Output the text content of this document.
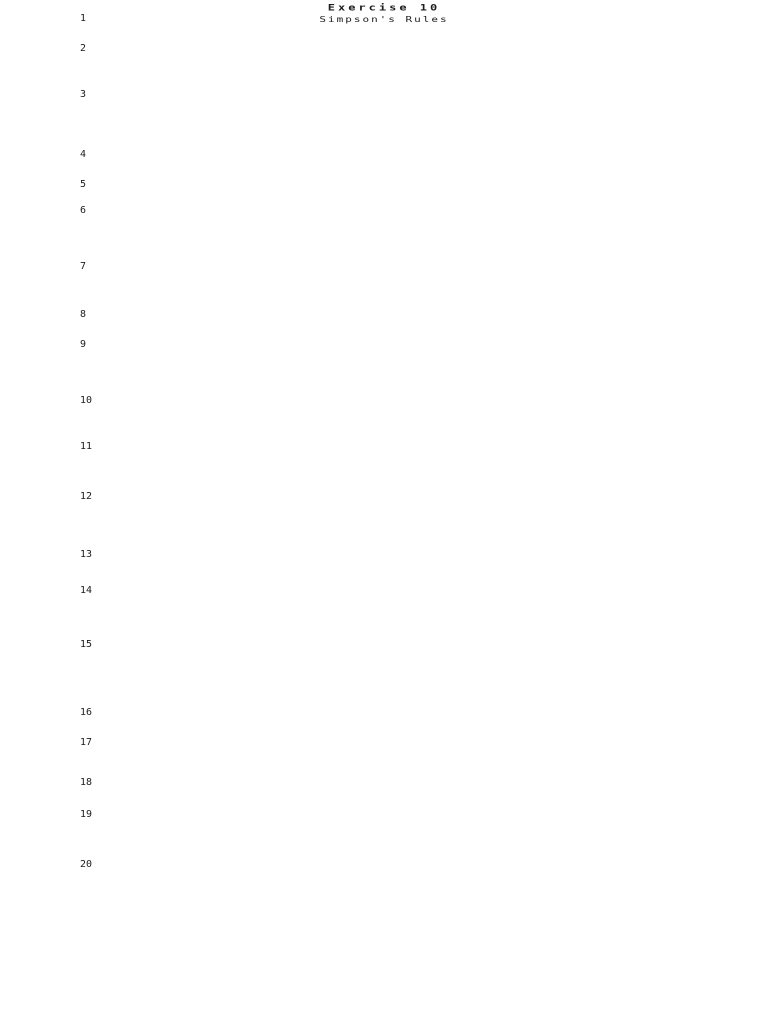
Exercise 10
Simpson's Rules
1

2

3

4

5

6

7

8

9

10

11

12

13

14

15

16

17

18

19

20
